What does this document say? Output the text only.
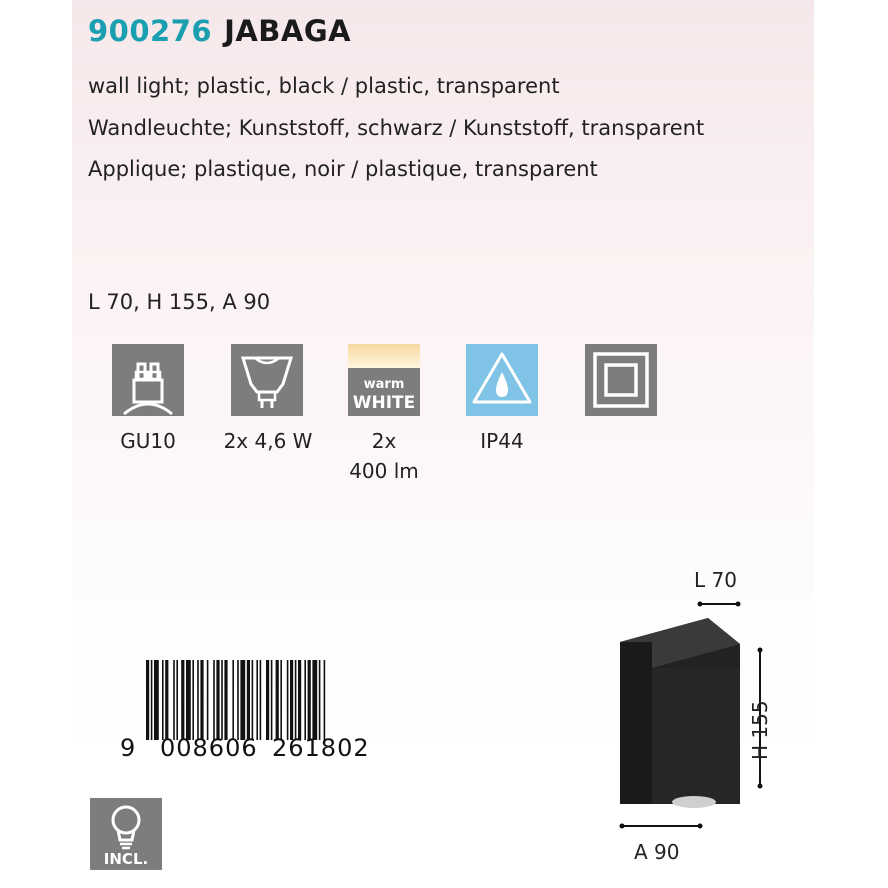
900276 JABAGA
wall light; plastic, black / plastic, transparent
Wandleuchte; Kunststoff, schwarz / Kunststoff, transparent
Applique; plastique, noir / plastique, transparent
L 70, H 155, A 90
GU10	2x 4,6 W
warm
WHITE
2x
400 lm
IP44
9 008606 261802
INCL.
L 70
H 155
A 90
